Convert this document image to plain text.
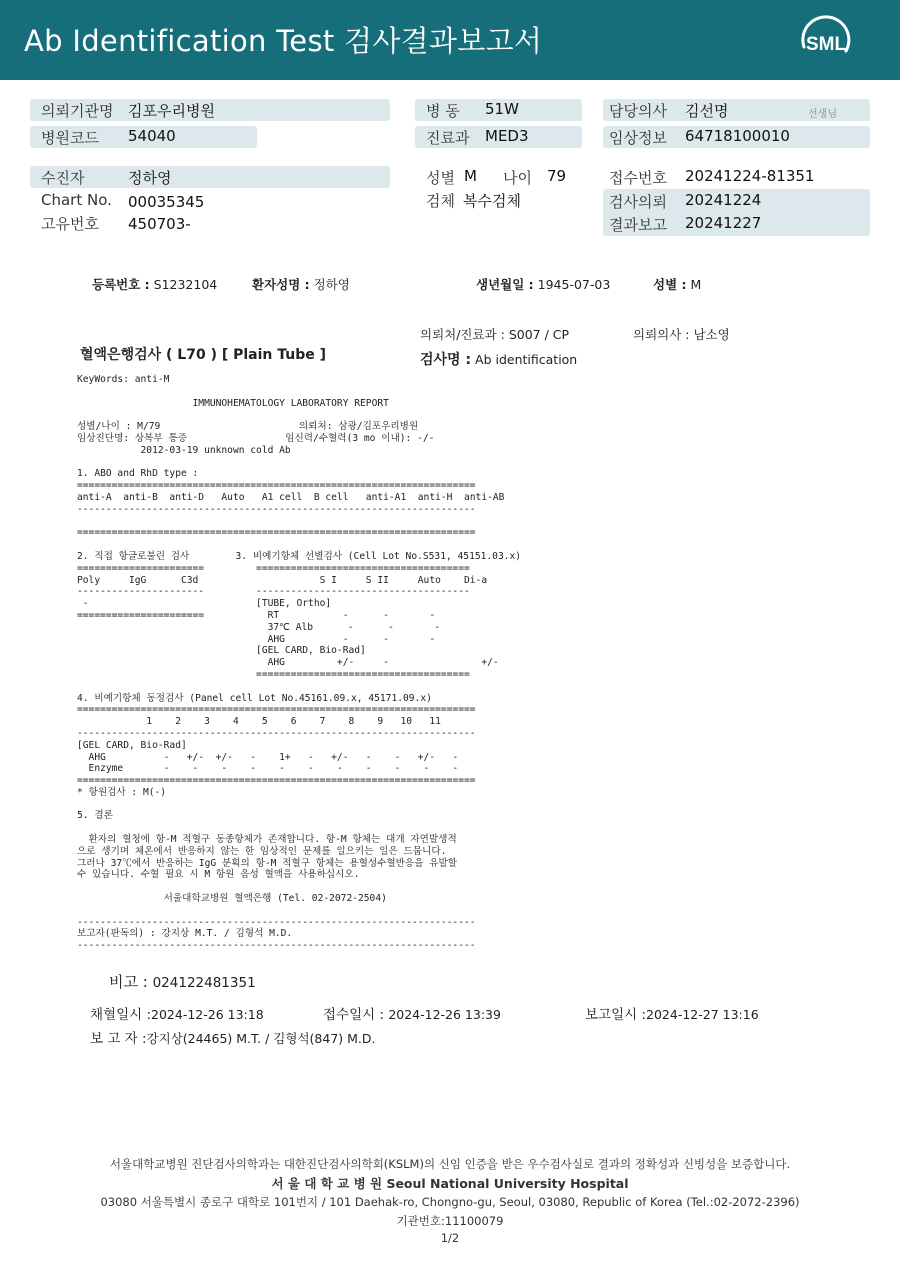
Ab Identification Test 검사결과보고서	SML
의뢰기관명 김포우리병원
병원코드 54040
수진자	정하영
Chart No. 00035345
고유번호 450703-
병 동 51W
진료과 MED3
성별 M 나이 79
검체 복수검체
담당의사 김선명	선생님
임상정보 64718100010
접수번호 20241224-81351
검사의뢰 20241224
결과보고 20241227
등록번호 : S1232104	환자성명 : 정하영	생년월일 : 1945-07-03	성별 : M
의뢰처/진료과 : S007 / CP	의뢰의사 : 남소영
혈액은행검사 ( L70 ) [ Plain Tube ]	검사명 : Ab identification
KeyWords: anti-M

IMMUNOHEMATOLOGY LABORATORY REPORT

성별/나이 : M/79                        의뢰처: 삼광/김포우리병원
임상진단명: 상복부 통증                 임신력/수혈력(3 mo 이내): -/-
2012-03-19 unknown cold Ab

1. ABO and RhD type :
=====================================================================
anti-A  anti-B  anti-D   Auto   A1 cell  B cell   anti-A1  anti-H  anti-AB
---------------------------------------------------------------------

=====================================================================

2. 직접 항글로불린 검사        3. 비예기항체 선별검사 (Cell Lot No.S531, 45151.03.x)
======================         =====================================
Poly     IgG      C3d                     S I     S II     Auto    Di-a
----------------------         -------------------------------------
-                             [TUBE, Ortho]
======================           RT           -      -       -
37℃ Alb      -      -       -
AHG          -      -       -
[GEL CARD, Bio-Rad]
AHG         +/-     -                +/-
=====================================

4. 비예기항체 동정검사 (Panel cell Lot No.45161.09.x, 45171.09.x)
=====================================================================
1    2    3    4    5    6    7    8    9   10   11
---------------------------------------------------------------------
[GEL CARD, Bio-Rad]
AHG          -   +/-  +/-   -    1+   -   +/-   -    -   +/-   -
Enzyme       -    -    -    -    -    -    -    -    -    -    -
=====================================================================
* 항원검사 : M(-)

5. 결론

환자의 혈청에 항-M 적혈구 동종항체가 존재합니다. 항-M 항체는 대개 자연발생적
으로 생기며 체온에서 반응하지 않는 한 임상적인 문제를 일으키는 일은 드뭅니다.
그러나 37℃에서 반응하는 IgG 분획의 항-M 적혈구 항체는 용혈성수혈반응을 유발할
수 있습니다. 수혈 필요 시 M 항원 음성 혈액을 사용하십시오.

서울대학교병원 혈액은행 (Tel. 02-2072-2504)

---------------------------------------------------------------------
보고자(판독의) : 강지상 M.T. / 김형석 M.D.
---------------------------------------------------------------------
비고 : 024122481351
채혈일시 :2024-12-26 13:18	접수일시 : 2024-12-26 13:39	보고일시 :2024-12-27 13:16
보 고 자 :강지상(24465) M.T. / 김형석(847) M.D.
서울대학교병원 진단검사의학과는 대한진단검사의학회(KSLM)의 신임 인증을 받은 우수검사실로 결과의 정확성과 신빙성을 보증합니다.
서 울 대 학 교 병 원 Seoul National University Hospital
03080 서울특별시 종로구 대학로 101번지 / 101 Daehak-ro, Chongno-gu, Seoul, 03080, Republic of Korea (Tel.:02-2072-2396)
기관번호:11100079
1/2
